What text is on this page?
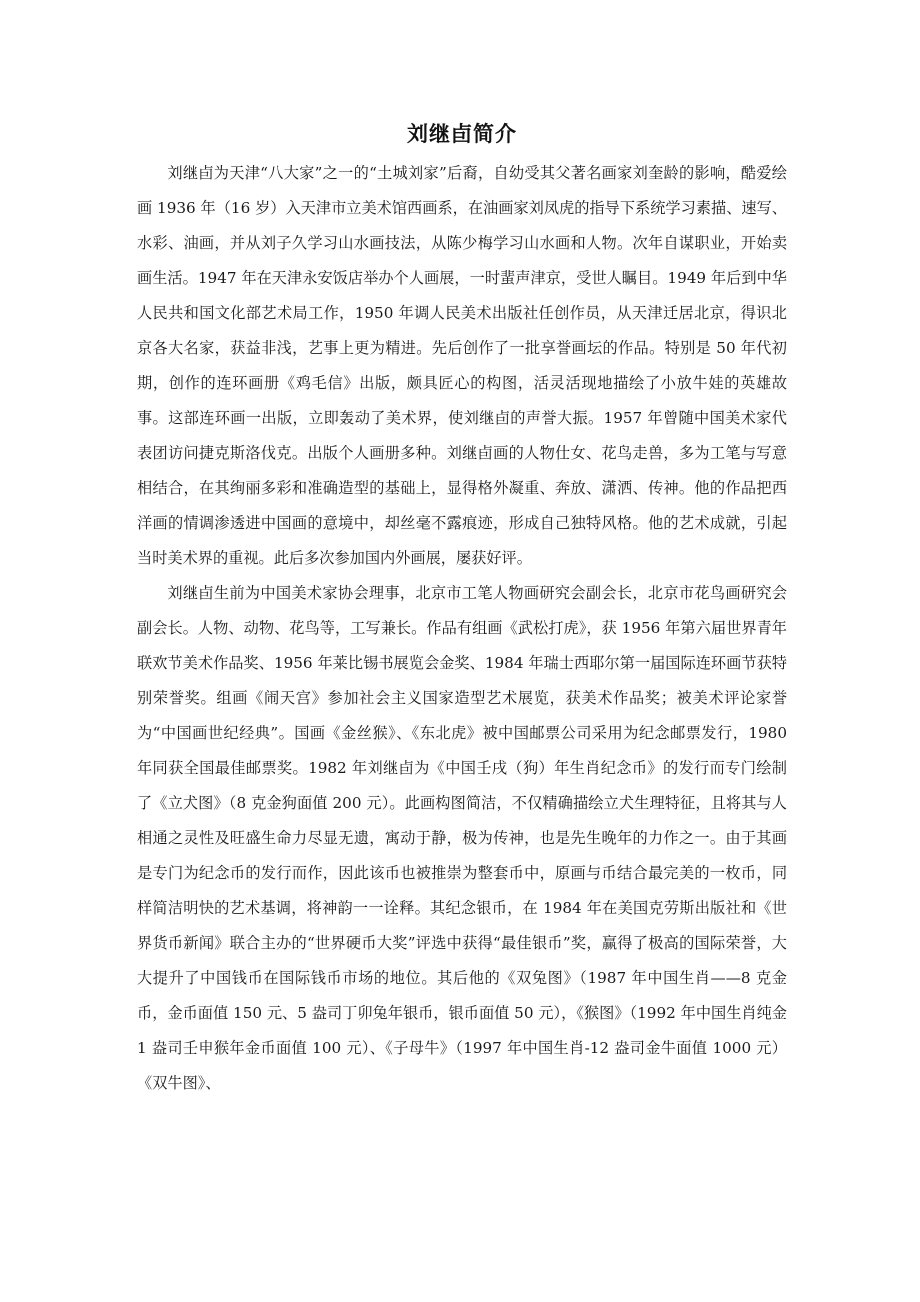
刘继卣简介

刘继卣为天津“八大家”之一的“土城刘家”后裔，自幼受其父著名画家刘奎龄的影响，酷爱绘画 1936 年（16 岁）入天津市立美术馆西画系，在油画家刘凤虎的指导下系统学习素描、速写、水彩、油画，并从刘子久学习山水画技法，从陈少梅学习山水画和人物。次年自谋职业，开始卖画生活。1947 年在天津永安饭店举办个人画展，一时蜚声津京，受世人瞩目。1949 年后到中华人民共和国文化部艺术局工作，1950 年调人民美术出版社任创作员，从天津迁居北京，得识北京各大名家，获益非浅，艺事上更为精进。先后创作了一批享誉画坛的作品。特别是 50 年代初期，创作的连环画册《鸡毛信》出版，颇具匠心的构图，活灵活现地描绘了小放牛娃的英雄故事。这部连环画一出版，立即轰动了美术界，使刘继卣的声誉大振。1957 年曾随中国美术家代表团访问捷克斯洛伐克。出版个人画册多种。刘继卣画的人物仕女、花鸟走兽，多为工笔与写意相结合，在其绚丽多彩和准确造型的基础上，显得格外凝重、奔放、潇洒、传神。他的作品把西洋画的情调渗透进中国画的意境中，却丝毫不露痕迹，形成自己独特风格。他的艺术成就，引起当时美术界的重视。此后多次参加国内外画展，屡获好评。

刘继卣生前为中国美术家协会理事，北京市工笔人物画研究会副会长，北京市花鸟画研究会副会长。人物、动物、花鸟等，工写兼长。作品有组画《武松打虎》，获 1956 年第六届世界青年联欢节美术作品奖、1956 年莱比锡书展览会金奖、1984 年瑞士西耶尔第一届国际连环画节获特别荣誉奖。组画《闹天宫》参加社会主义国家造型艺术展览，获美术作品奖；被美术评论家誉为“中国画世纪经典”。国画《金丝猴》、《东北虎》被中国邮票公司采用为纪念邮票发行，1980 年同获全国最佳邮票奖。1982 年刘继卣为《中国壬戌（狗）年生肖纪念币》的发行而专门绘制了《立犬图》（8 克金狗面值 200 元）。此画构图简洁，不仅精确描绘立犬生理特征，且将其与人相通之灵性及旺盛生命力尽显无遗，寓动于静，极为传神，也是先生晚年的力作之一。由于其画是专门为纪念币的发行而作，因此该币也被推崇为整套币中，原画与币结合最完美的一枚币，同样简洁明快的艺术基调，将神韵一一诠释。其纪念银币，在 1984 年在美国克劳斯出版社和《世界货币新闻》联合主办的“世界硬币大奖”评选中获得“最佳银币”奖，赢得了极高的国际荣誉，大大提升了中国钱币在国际钱币市场的地位。其后他的《双兔图》（1987 年中国生肖——8 克金币，金币面值 150 元、5 盎司丁卯兔年银币，银币面值 50 元），《猴图》（1992 年中国生肖纯金 1 盎司壬申猴年金币面值 100 元）、《子母牛》（1997 年中国生肖-12 盎司金牛面值 1000 元）《双牛图》、
